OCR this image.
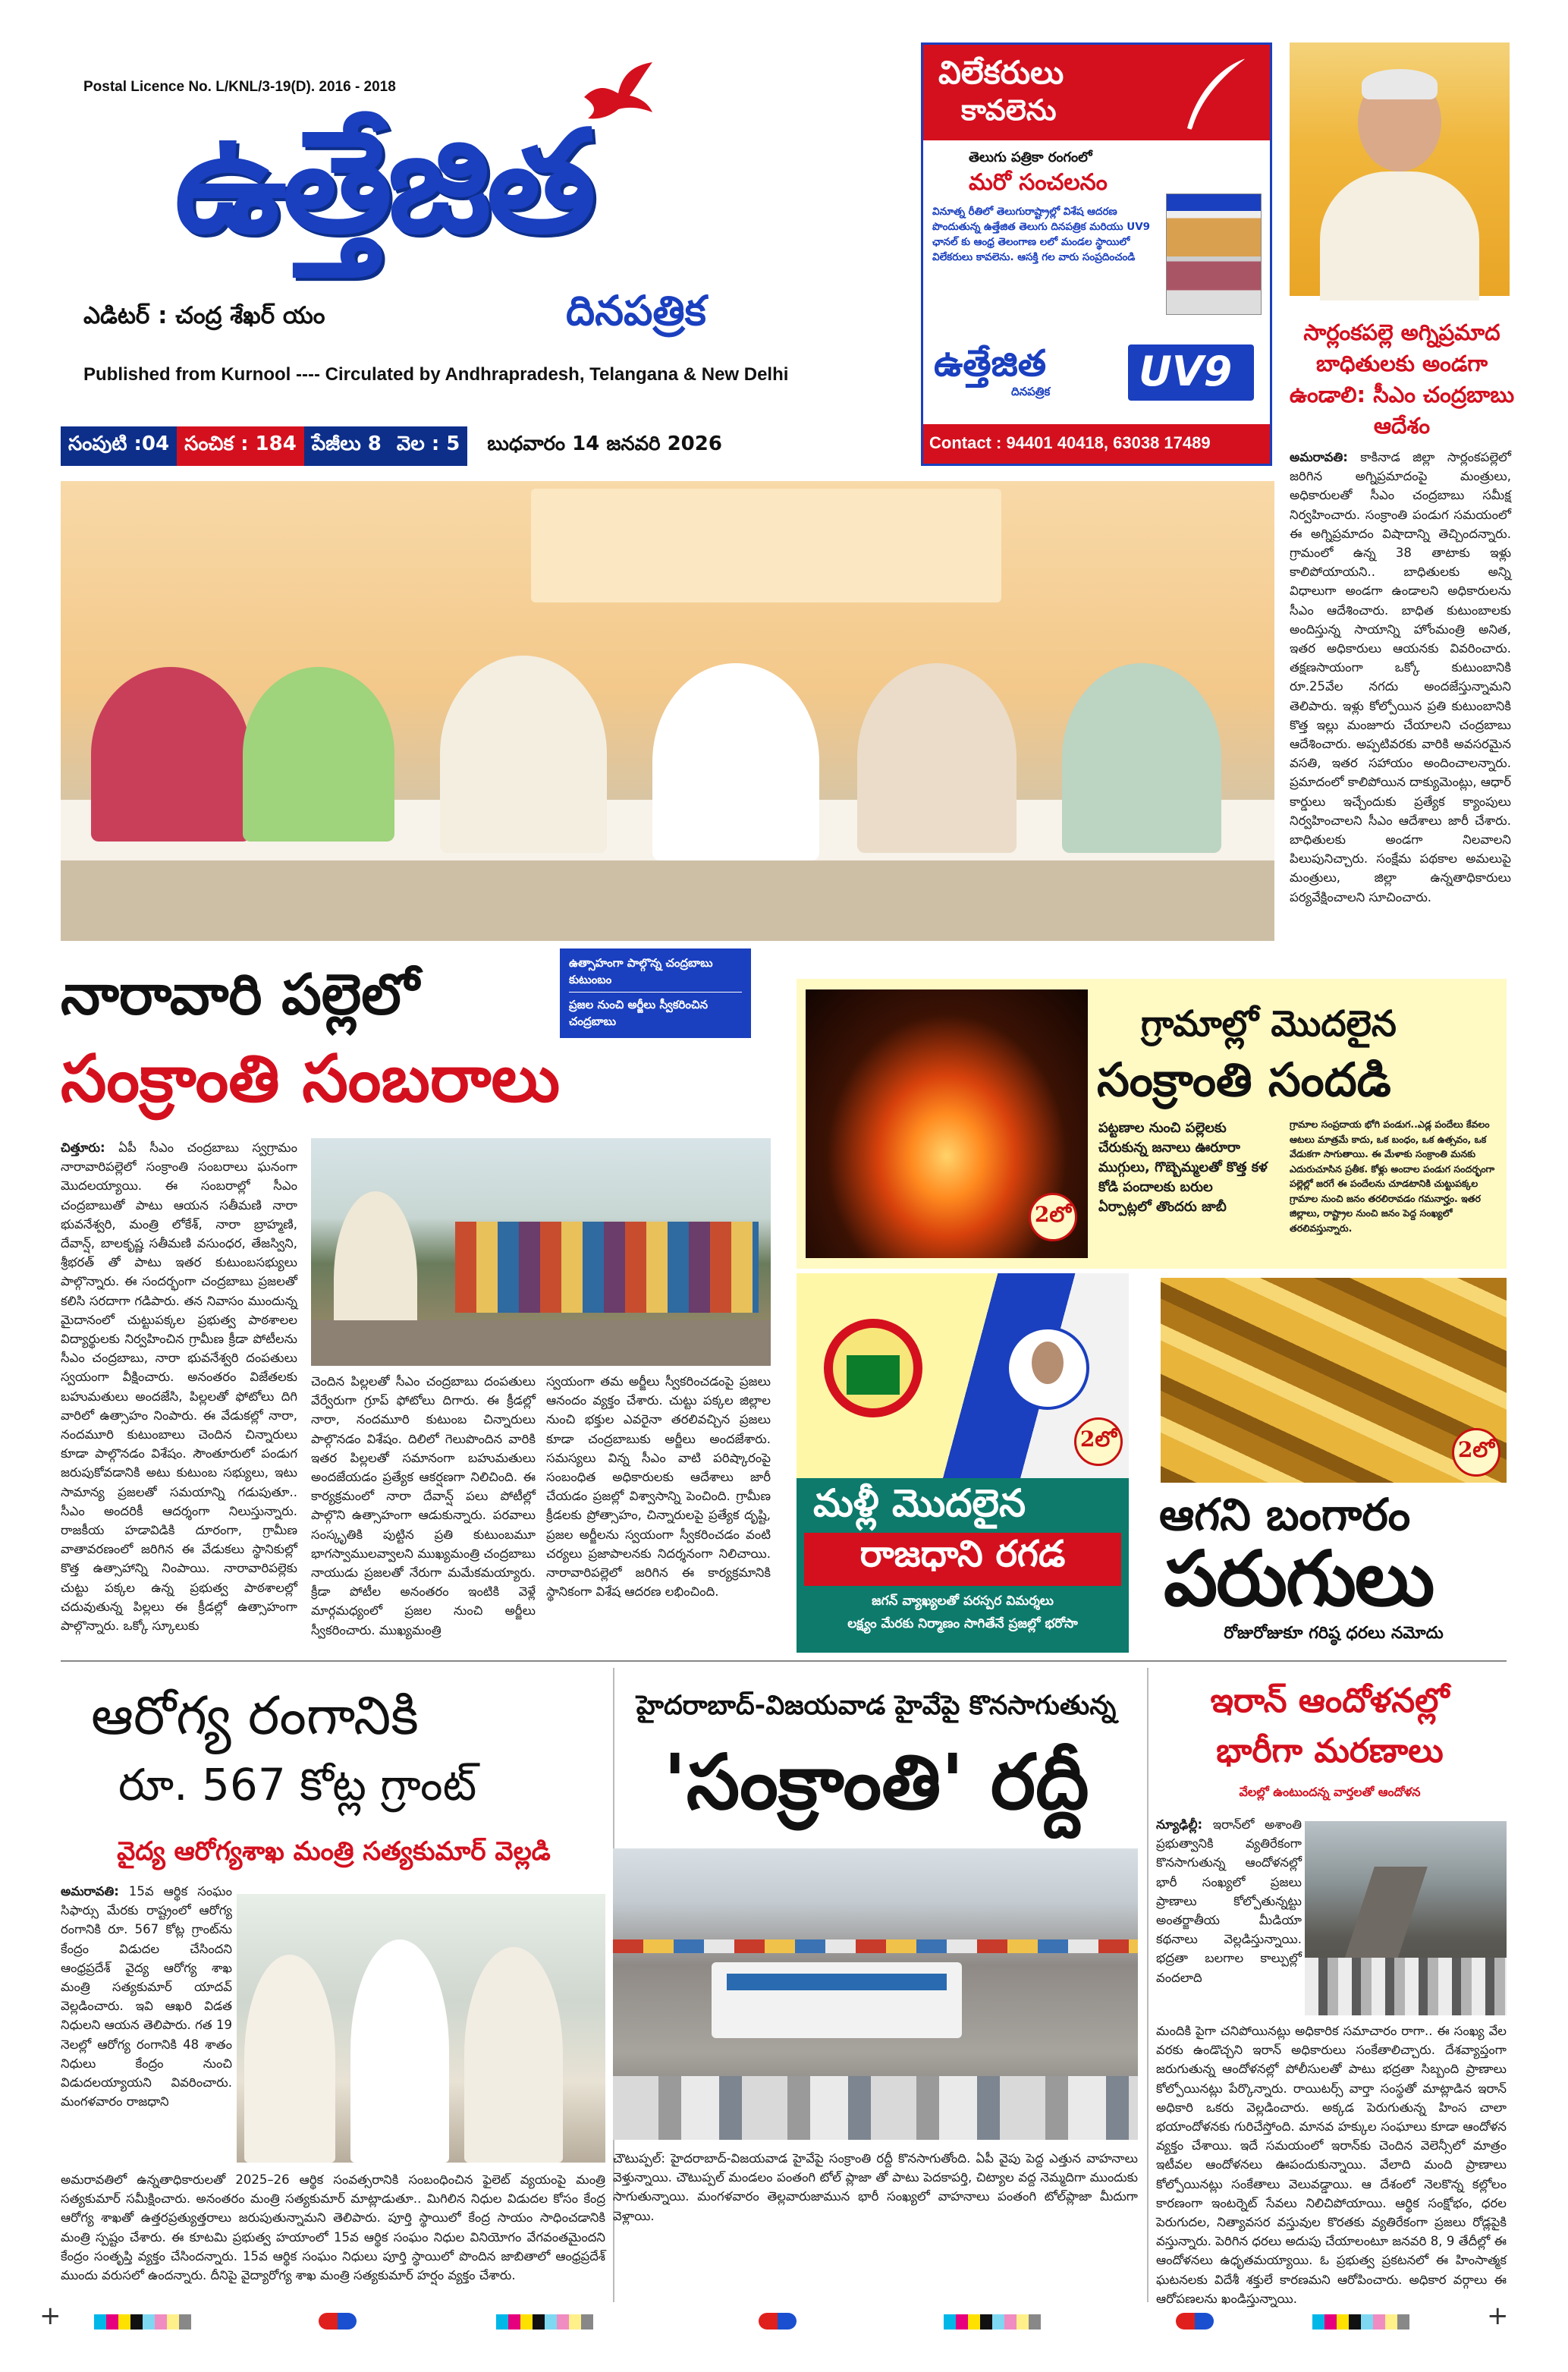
Postal Licence No. L/KNL/3-19(D). 2016 - 2018
ఉత్తేజిత
ఎడిటర్ : చంద్ర శేఖర్ యం	దినపత్రిక
Published from Kurnool ---- Circulated by Andhrapradesh, Telangana & New Delhi
సంపుటి :04 సంచిక : 184 పేజీలు 8 వెల : 5	బుధవారం 14 జనవరి 2026
విలేకరులు
కావలెను
తెలుగు పత్రికా రంగంలో
మరో సంచలనం
వినూత్న రీతిలో తెలుగురాష్ట్రాల్లో విశేష ఆదరణ పొందుతున్న ఉత్తేజిత తెలుగు దినపత్రిక మరియు UV9 ఛానల్ కు ఆంధ్ర తెలంగాణ లలో మండల స్థాయిలో విలేకరులు కావలెను. ఆసక్తి గల వారు సంప్రదించండి
ఉత్తేజిత
దినపత్రిక UV9
Contact : 94401 40418, 63038 17489
సార్లంకపల్లె అగ్నిప్రమాద బాధితులకు అండగా ఉండాలి: సీఎం చంద్రబాబు ఆదేశం
అమరావతి: కాకినాడ జిల్లా సార్లంకపల్లెలో జరిగిన అగ్నిప్రమాదంపై మంత్రులు, అధికారులతో సీఎం చంద్రబాబు సమీక్ష నిర్వహించారు. సంక్రాంతి పండుగ సమయంలో ఈ అగ్నిప్రమాదం విషాదాన్ని తెచ్చిందన్నారు. గ్రామంలో ఉన్న 38 తాటాకు ఇళ్లు కాలిపోయాయని.. బాధితులకు అన్ని విధాలుగా అండగా ఉండాలని అధికారులను సీఎం ఆదేశించారు. బాధిత కుటుంబాలకు అందిస్తున్న సాయాన్ని హోంమంత్రి అనిత, ఇతర అధికారులు ఆయనకు వివరించారు. తక్షణసాయంగా ఒక్కో కుటుంబానికి రూ.25వేల నగదు అందజేస్తున్నామని తెలిపారు. ఇళ్లు కోల్పోయిన ప్రతి కుటుంబానికి కొత్త ఇల్లు మంజూరు చేయాలని చంద్రబాబు ఆదేశించారు. అప్పటివరకు వారికి అవసరమైన వసతి, ఇతర సహాయం అందించాలన్నారు. ప్రమాదంలో కాలిపోయిన దాక్యుమెంట్లు, ఆధార్ కార్డులు ఇచ్చేందుకు ప్రత్యేక క్యాంపులు నిర్వహించాలని సీఎం ఆదేశాలు జారీ చేశారు. బాధితులకు అండగా నిలవాలని పిలుపునిచ్చారు. సంక్షేమ పథకాల అమలుపై మంత్రులు, జిల్లా ఉన్నతాధికారులు పర్యవేక్షించాలని సూచించారు.
నారావారి పల్లెలో	ఉత్సాహంగా పాల్గొన్న చంద్రబాబు కుటుంబం
ప్రజల నుంచి అర్జీలు స్వీకరించిన చంద్రబాబు
సంక్రాంతి సంబరాలు
చిత్తూరు: ఏపీ సీఎం చంద్రబాబు స్వగ్రామం నారావారిపల్లెలో సంక్రాంతి సంబరాలు ఘనంగా మొదలయ్యాయి. ఈ సంబరాల్లో సీఎం చంద్రబాబుతో పాటు ఆయన సతీమణి నారా భువనేశ్వరి, మంత్రి లోకేశ్, నారా బ్రాహ్మణి, దేవాన్ష్, బాలకృష్ణ సతీమణి వసుంధర, తేజస్విని, శ్రీభరత్ తో పాటు ఇతర కుటుంబసభ్యులు పాల్గొన్నారు. ఈ సందర్భంగా చంద్రబాబు ప్రజలతో కలిసి సరదాగా గడిపారు. తన నివాసం ముందున్న మైదానంలో చుట్టుపక్కల ప్రభుత్వ పాఠశాలల విద్యార్థులకు నిర్వహించిన గ్రామీణ క్రీడా పోటీలను సీఎం చంద్రబాబు, నారా భువనేశ్వరి దంపతులు స్వయంగా వీక్షించారు. అనంతరం విజేతలకు బహుమతులు అందజేసి, పిల్లలతో ఫోటోలు దిగి వారిలో ఉత్సాహం నింపారు. ఈ వేడుకల్లో నారా, నందమూరి కుటుంబాలు చెందిన చిన్నారులు కూడా పాల్గొనడం విశేషం. సౌంతూరులో పండుగ జరుపుకోవడానికి అటు కుటుంబ సభ్యులు, ఇటు సామాన్య ప్రజలతో సమయాన్ని గడుపుతూ.. సీఎం అందరికీ ఆదర్శంగా నిలుస్తున్నారు. రాజకీయ హడావిడికి దూరంగా, గ్రామీణ వాతావరణంలో జరిగిన ఈ వేడుకలు స్థానికుల్లో కొత్త ఉత్సాహాన్ని నింపాయి. నారావారిపల్లెకు చుట్టు పక్కల ఉన్న ప్రభుత్వ పాఠశాలల్లో చదువుతున్న పిల్లలు ఈ క్రీడల్లో ఉత్సాహంగా పాల్గొన్నారు. ఒక్కో స్కూలుకు
చెందిన పిల్లలతో సీఎం చంద్రబాబు దంపతులు వేర్వేరుగా గ్రూప్ ఫోటోలు దిగారు. ఈ క్రీడల్లో నారా, నందమూరి కుటుంబ చిన్నారులు పాల్గొనడం విశేషం. దిలిలో గెలుపొందిన వారికి ఇతర పిల్లలతో సమానంగా బహుమతులు అందజేయడం ప్రత్యేక ఆకర్షణగా నిలిచింది. ఈ కార్యక్రమంలో నారా దేవాన్ష్ పలు పోటీల్లో పాల్గొని ఉత్సాహంగా ఆడుకున్నారు. పరవాలు సంస్కృతికి పుట్టిన ప్రతి కుటుంబమూ భాగస్వాములవ్వాలని ముఖ్యమంత్రి చంద్రబాబు నాయుడు ప్రజలతో నేరుగా మమేకమయ్యారు. క్రీడా పోటీల అనంతరం ఇంటికి వెళ్లే మార్గమధ్యంలో ప్రజల నుంచి అర్జీలు స్వీకరించారు. ముఖ్యమంత్రి
స్వయంగా తమ అర్జీలు స్వీకరించడంపై ప్రజలు ఆనందం వ్యక్తం చేశారు. చుట్టు పక్కల జిల్లాల నుంచి భక్తుల ఎవరైనా తరలివచ్చిన ప్రజలు కూడా చంద్రబాబుకు అర్జీలు అందజేశారు. సమస్యలు విన్న సీఎం వాటి పరిష్కారంపై సంబంధిత అధికారులకు ఆదేశాలు జారీ చేయడం ప్రజల్లో విశ్వాసాన్ని పెంచింది. గ్రామీణ క్రీడలకు ప్రోత్సాహం, చిన్నారులపై ప్రత్యేక దృష్టి, ప్రజల అర్జీలను స్వయంగా స్వీకరించడం వంటి చర్యలు ప్రజాపాలనకు నిదర్శనంగా నిలిచాయి. నారావారిపల్లెలో జరిగిన ఈ కార్యక్రమానికి స్థానికంగా విశేష ఆదరణ లభించింది.
2లో
గ్రామాల్లో మొదలైన
సంక్రాంతి సందడి
పట్టణాల నుంచి పల్లెలకు చేరుకున్న జనాలు ఊరూరా ముగ్గులు, గొబ్బెమ్మలతో కొత్త కళ కోడి పందాలకు బరుల ఏర్పాట్లలో తొందరు జాబీ
గ్రామాల సంప్రదాయ భోగి పండుగ..ఎడ్ల పందేలు కేవలం ఆటలు మాత్రమే కాదు, ఒక బంధం, ఒక ఉత్సవం, ఒక వేడుకగా సాగుతాయి. ఈ మేళాకు సంక్రాంతి మనకు ఎదురుచూసిన ప్రతీక. కోళ్లు అందాల పండుగ సందర్భంగా పల్లెల్లో జరగే ఈ పందేలను చూడటానికి చుట్టుపక్కల గ్రామాల నుంచి జనం తరలిరావడం గమనార్హం. ఇతర జిల్లాలు, రాష్ట్రాల నుంచి జనం పెద్ద సంఖ్యలో తరలివస్తున్నారు.
2లో
మళ్లీ మొదలైన
రాజధాని రగడ
జగన్ వ్యాఖ్యలతో పరస్పర విమర్శలు
లక్ష్యం మేరకు నిర్మాణం సాగితేనే ప్రజల్లో భరోసా
2లో
ఆగని బంగారం
పరుగులు
రోజురోజుకూ గరిష్ఠ ధరలు నమోదు
ఆరోగ్య రంగానికి
రూ. 567 కోట్ల గ్రాంట్
వైద్య ఆరోగ్యశాఖ మంత్రి సత్యకుమార్ వెల్లడి
అమరావతి: 15వ ఆర్థిక సంఘం సిఫార్సు మేరకు రాష్ట్రంలో ఆరోగ్య రంగానికి రూ. 567 కోట్ల గ్రాంట్‌ను కేంద్రం విడుదల చేసిందని ఆంధ్రప్రదేశ్ వైద్య ఆరోగ్య శాఖ మంత్రి సత్యకుమార్ యాదవ్ వెల్లడించారు. ఇవి ఆఖరి విడత నిధులని ఆయన తెలిపారు. గత 19 నెలల్లో ఆరోగ్య రంగానికి 48 శాతం నిధులు కేంద్రం నుంచి విడుదలయ్యాయని వివరించారు. మంగళవారం రాజధాని
అమరావతిలో ఉన్నతాధికారులతో 2025–26 ఆర్థిక సంవత్సరానికి సంబంధించిన ఫైలెట్ వ్యయంపై మంత్రి సత్యకుమార్ సమీక్షించారు. అనంతరం మంత్రి సత్యకుమార్ మాట్లాడుతూ.. మిగిలిన నిధుల విడుదల కోసం కేంద్ర ఆరోగ్య శాఖతో ఉత్తరప్రత్యుత్తరాలు జరుపుతున్నామని తెలిపారు. పూర్తి స్థాయిలో కేంద్ర సాయం సాధించడానికి మంత్రి స్పష్టం చేశారు. ఈ కూటమి ప్రభుత్వ హయాంలో 15వ ఆర్థిక సంఘం నిధుల వినియోగం వేగవంతమైందని కేంద్రం సంతృప్తి వ్యక్తం చేసిందన్నారు. 15వ ఆర్థిక సంఘం నిధులు పూర్తి స్థాయిలో పొందిన జాబితాలో ఆంధ్రప్రదేశ్ ముందు వరుసలో ఉందన్నారు. దీనిపై వైద్యారోగ్య శాఖ మంత్రి సత్యకుమార్ హర్షం వ్యక్తం చేశారు.
హైదరాబాద్-విజయవాడ హైవేపై కొనసాగుతున్న
'సంక్రాంతి' రద్దీ
చౌటుప్పల్: హైదరాబాద్-విజయవాడ హైవేపై సంక్రాంతి రద్దీ కొనసాగుతోంది. ఏపీ వైపు పెద్ద ఎత్తున వాహనాలు వెళ్తున్నాయి. చౌటుప్పల్ మండలం పంతంగి టోల్ ప్లాజా తో పాటు పెదకాపర్తి, చిట్యాల వద్ద నెమ్మదిగా ముందుకు సాగుతున్నాయి. మంగళవారం తెల్లవారుజామున భారీ సంఖ్యలో వాహనాలు పంతంగి టోల్‌ప్లాజా మీదుగా వెళ్లాయి.
ఇరాన్ ఆందోళనల్లో
భారీగా మరణాలు
వేలల్లో ఉంటుందన్న వార్తలతో ఆందోళన
న్యూఢిల్లీ: ఇరాన్‌లో అశాంతి ప్రభుత్వానికి వ్యతిరేకంగా కొనసాగుతున్న ఆందోళనల్లో భారీ సంఖ్యలో ప్రజలు ప్రాణాలు కోల్పోతున్నట్టు అంతర్జాతీయ మీడియా కథనాలు వెల్లడిస్తున్నాయి. భద్రతా బలగాల కాల్పుల్లో వందలాది
మందికి పైగా చనిపోయినట్లు అధికారిక సమాచారం రాగా.. ఈ సంఖ్య వేల వరకు ఉండొచ్చని ఇరాన్ అధికారులు సంకేతాలిచ్చారు. దేశవ్యాప్తంగా జరుగుతున్న ఆందోళనల్లో పోలీసులతో పాటు భద్రతా సిబ్బంది ప్రాణాలు కోల్పోయినట్లు పేర్కొన్నారు. రాయిటర్స్ వార్తా సంస్థతో మాట్లాడిన ఇరాన్ అధికారి ఒకరు వెల్లడించారు. అక్కడ పెరుగుతున్న హింస చాలా భయాందోళనకు గురిచేస్తోంది. మానవ హక్కుల సంఘాలు కూడా ఆందోళన వ్యక్తం చేశాయి. ఇదే సమయంలో ఇరాన్‌కు చెందిన వెలెన్సీలో మాత్రం ఇటీవల ఆందోళనలు ఊపందుకున్నాయి. వేలాది మంది ప్రాణాలు కోల్పోయినట్లు సంకేతాలు వెలువడ్డాయి. ఆ దేశంలో నెలకొన్న కల్లోలం కారణంగా ఇంటర్నెట్ సేవలు నిలిచిపోయాయి. ఆర్థిక సంక్షోభం, ధరల పెరుగుదల, నిత్యావసర వస్తువుల కొరతకు వ్యతిరేకంగా ప్రజలు రోడ్లపైకి వస్తున్నారు. పెరిగిన ధరలు అదుపు చేయాలంటూ జనవరి 8, 9 తేదీల్లో ఈ ఆందోళనలు ఉధృతమయ్యాయి. ఓ ప్రభుత్వ ప్రకటనలో ఈ హింసాత్మక ఘటనలకు విదేశీ శక్తులే కారణమని ఆరోపించారు. అధికార వర్గాలు ఈ ఆరోపణలను ఖండిస్తున్నాయి.
+	+
